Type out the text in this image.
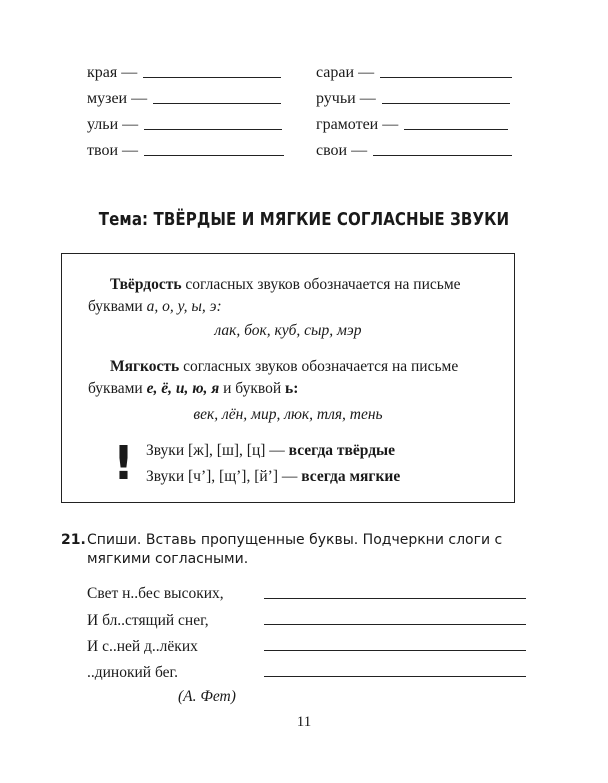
края —
музеи —
ульи —
твои —
сараи —
ручьи —
грамотеи —
свои —
Тема: ТВЁРДЫЕ И МЯГКИЕ СОГЛАСНЫЕ ЗВУКИ
Твёрдость согласных звуков обозначается на письме буквами а, о, у, ы, э:
лак, бок, куб, сыр, мэр
Мягкость согласных звуков обозначается на письме буквами е, ё, и, ю, я и буквой ь:
век, лён, мир, люк, тля, тень
! Звуки [ж], [ш], [ц] — всегда твёрдые
Звуки [ч’], [щ’], [й’] — всегда мягкие
21. Спиши. Вставь пропущенные буквы. Подчеркни слоги с мягкими согласными.
Свет н..бес высоких,
И бл..стящий снег,
И с..ней д..лёких
..динокий бег.
(А. Фет)
11
